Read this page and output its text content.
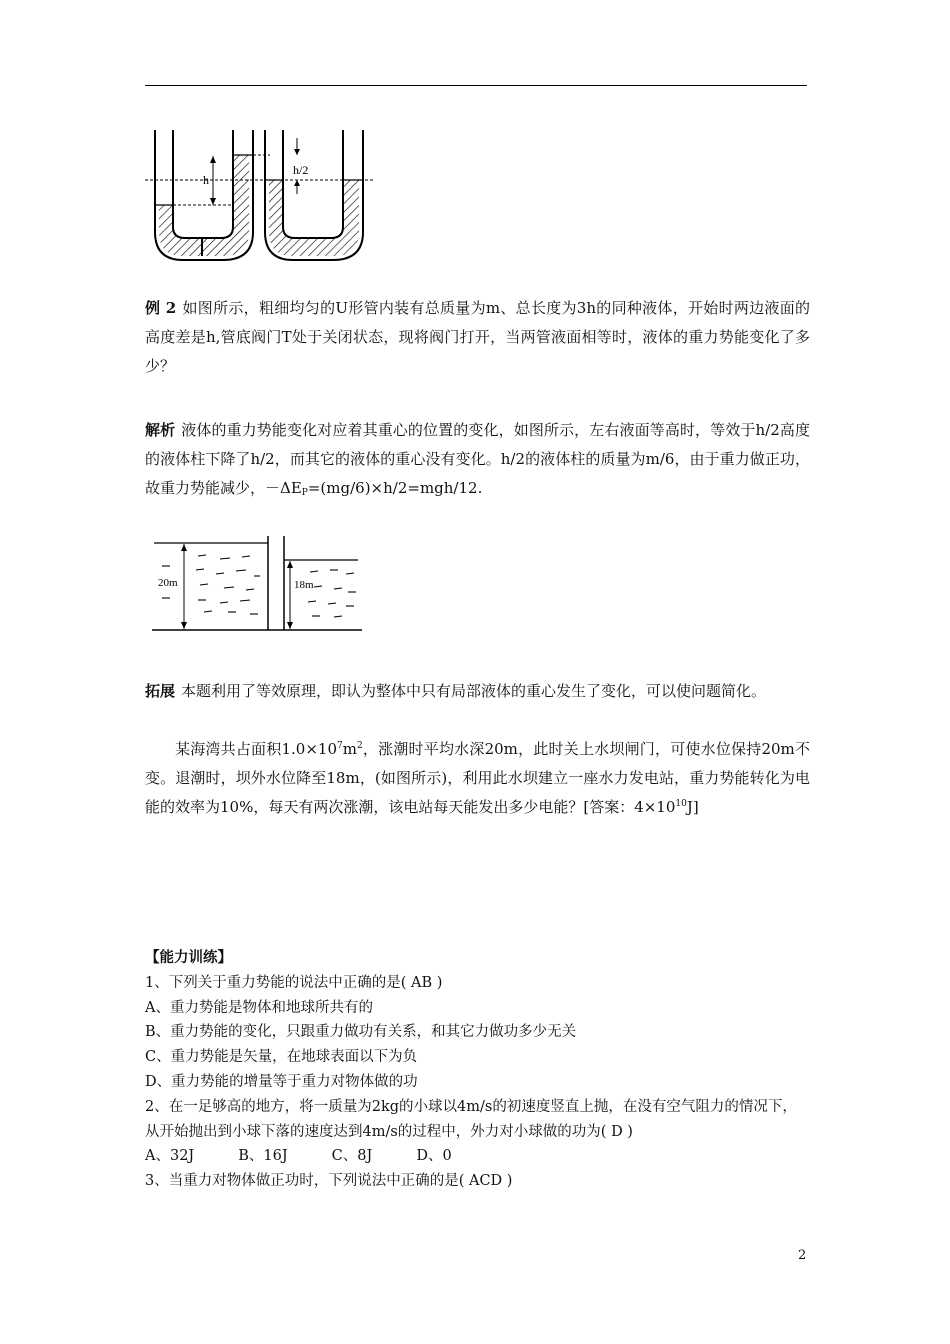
h
h/2
例 2 如图所示，粗细均匀的U形管内装有总质量为m、总长度为3h的同种液体，开始时两边液面的高度差是h,管底阀门T处于关闭状态，现将阀门打开，当两管液面相等时，液体的重力势能变化了多少？
解析 液体的重力势能变化对应着其重心的位置的变化，如图所示，左右液面等高时，等效于h/2高度的液体柱下降了h/2，而其它的液体的重心没有变化。h/2的液体柱的质量为m/6，由于重力做正功，故重力势能减少，$-\Delta E_P=(mg/6)\times h/2=mgh/12$.
20m	18m
拓展 本题利用了等效原理，即认为整体中只有局部液体的重心发生了变化，可以使问题简化。
某海湾共占面积$1.0\times 10^7m^2$，涨潮时平均水深20m，此时关上水坝闸门，可使水位保持20m不变。退潮时，坝外水位降至18m，(如图所示)，利用此水坝建立一座水力发电站，重力势能转化为电能的效率为10%，每天有两次涨潮，该电站每天能发出多少电能？[答案：$4\times 10^{10}J$]
【能力训练】
1、下列关于重力势能的说法中正确的是( AB )
A、重力势能是物体和地球所共有的
B、重力势能的变化，只跟重力做功有关系，和其它力做功多少无关
C、重力势能是矢量，在地球表面以下为负
D、重力势能的增量等于重力对物体做的功
2、在一足够高的地方，将一质量为2kg的小球以4m/s的初速度竖直上抛，在没有空气阻力的情况下，从开始抛出到小球下落的速度达到4m/s的过程中，外力对小球做的功为( D )
A、32J	B、16J	C、8J	D、0
3、当重力对物体做正功时，下列说法中正确的是( ACD )
2
